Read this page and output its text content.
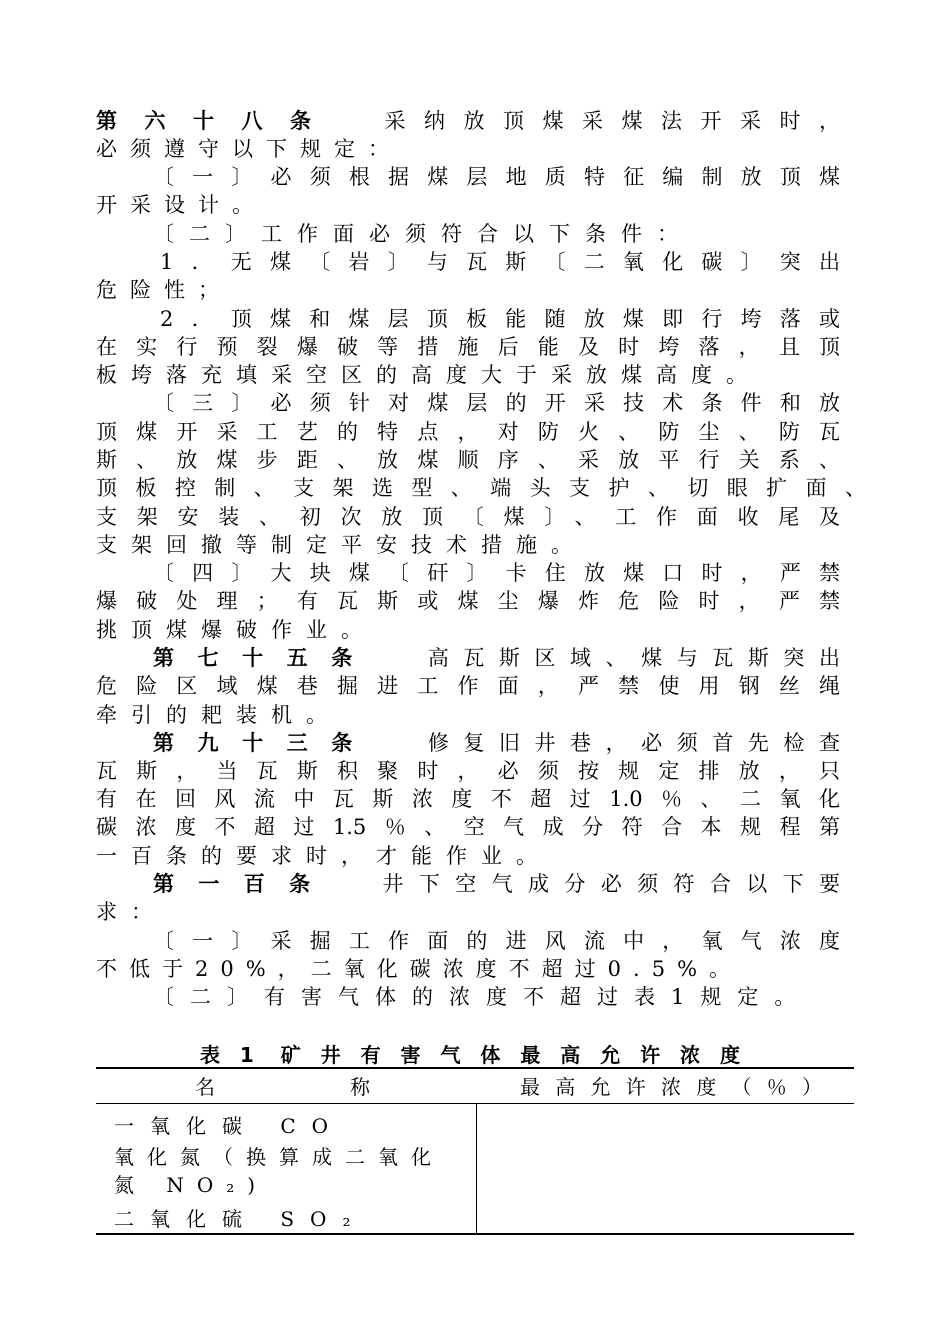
第六十八条 采纳放顶煤采煤法开采时，
必须遵守以下规定：
〔一〕必须根据煤层地质特征编制放顶煤
开采设计。
〔二〕工作面必须符合以下条件：
1．无煤〔岩〕与瓦斯〔二氧化碳〕突出
危险性；
2．顶煤和煤层顶板能随放煤即行垮落或
在实行预裂爆破等措施后能及时垮落，且顶
板垮落充填采空区的高度大于采放煤高度。
〔三〕必须针对煤层的开采技术条件和放
顶煤开采工艺的特点，对防火、防尘、防瓦
斯、放煤步距、放煤顺序、采放平行关系、
顶板控制、支架选型、端头支护、切眼扩面、
支架安装、初次放顶〔煤〕、工作面收尾及
支架回撤等制定平安技术措施。
〔四〕大块煤〔矸〕卡住放煤口时，严禁
爆破处理；有瓦斯或煤尘爆炸危险时，严禁
挑顶煤爆破作业。
第七十五条 高瓦斯区域、煤与瓦斯突出
危险区域煤巷掘进工作面，严禁使用钢丝绳
牵引的耙装机。
第九十三条 修复旧井巷，必须首先检查
瓦斯，当瓦斯积聚时，必须按规定排放，只
有在回风流中瓦斯浓度不超过1.0％、二氧化
碳浓度不超过1.5％、空气成分符合本规程第
一百条的要求时，才能作业。
第一百条 井下空气成分必须符合以下要
求：
〔一〕采掘工作面的进风流中，氧气浓度
不低于20%，二氧化碳浓度不超过0.5%。
〔二〕有害气体的浓度不超过表1规定。
表1 矿井有害气体最高允许浓度
名称	最高允许浓度（％）
一氧化碳 CO
氧化氮（换算成二氧化氮 NO₂)
二氧化硫 SO₂
